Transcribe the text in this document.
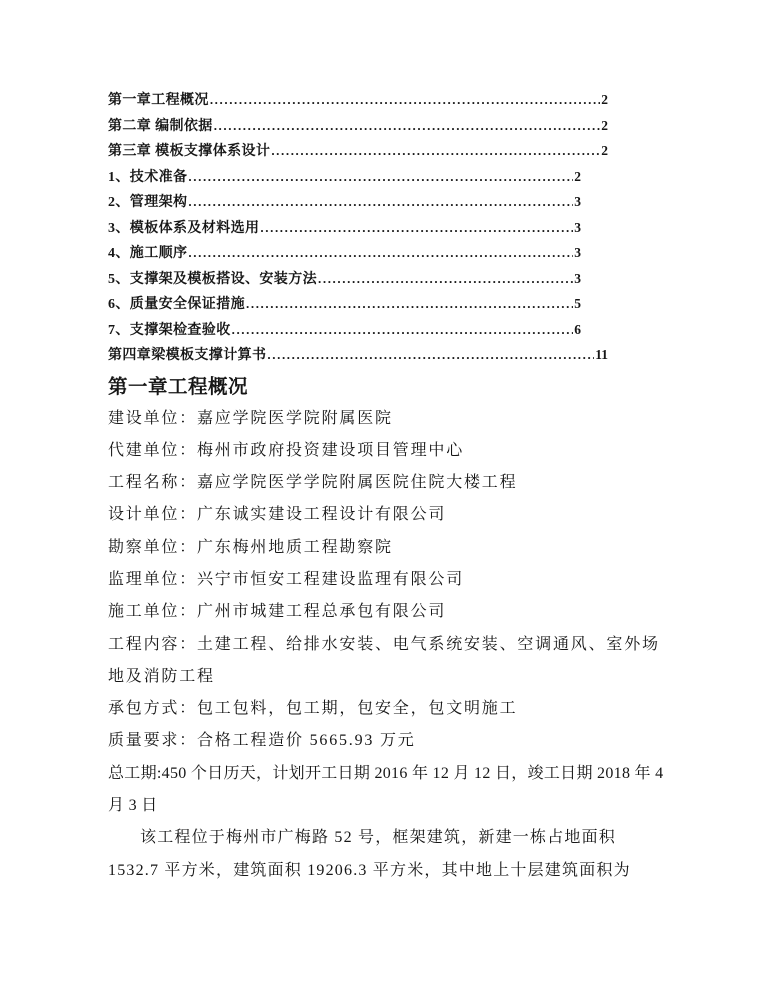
第一章工程概况 .....	2
第二章 编制依据 .....	2
第三章 模板支撑体系设计 .....	2
1、技术准备 .....	2
2、管理架构 .....	3
3、模板体系及材料选用 .....	3
4、施工顺序 .....	3
5、支撑架及模板搭设、安装方法 .....	3
6、质量安全保证措施 .....	5
7、支撑架检查验收 .....	6
第四章梁模板支撑计算书 .....	11
第一章工程概况

建设单位：嘉应学院医学院附属医院

代建单位：梅州市政府投资建设项目管理中心

工程名称：嘉应学院医学学院附属医院住院大楼工程

设计单位：广东诚实建设工程设计有限公司

勘察单位：广东梅州地质工程勘察院

监理单位：兴宁市恒安工程建设监理有限公司

施工单位：广州市城建工程总承包有限公司

工程内容：土建工程、给排水安装、电气系统安装、空调通风、室外场地及消防工程

承包方式：包工包料，包工期，包安全，包文明施工

质量要求：合格工程造价 5665.93 万元

总工期:450 个日历天，计划开工日期 2016 年 12 月 12 日，竣工日期 2018 年 4 月 3 日

该工程位于梅州市广梅路 52 号，框架建筑，新建一栋占地面积 1532.7 平方米，建筑面积 19206.3 平方米，其中地上十层建筑面积为
